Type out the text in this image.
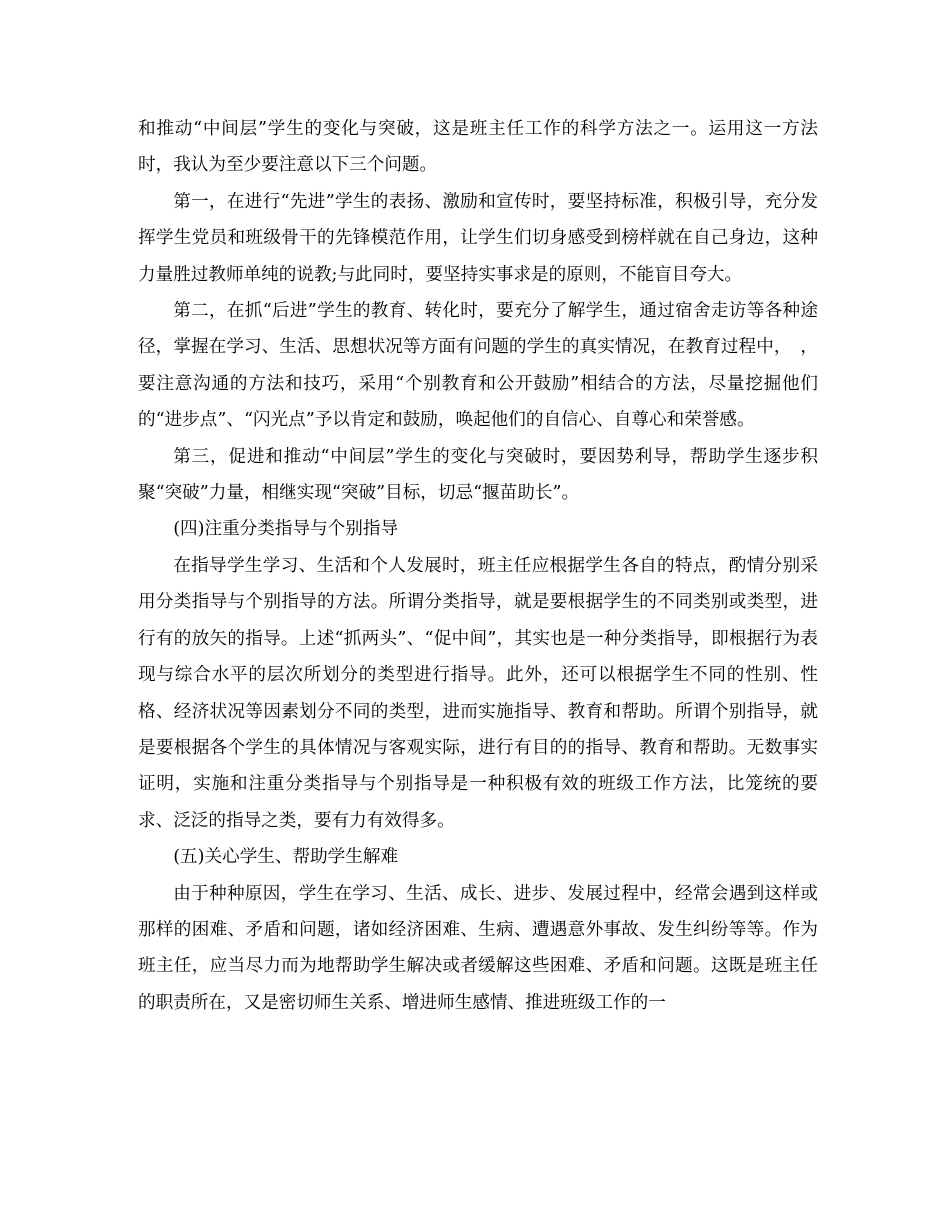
和推动“中间层”学生的变化与突破，这是班主任工作的科学方法之一。运用这一方法时，我认为至少要注意以下三个问题。

第一，在进行“先进”学生的表扬、激励和宣传时，要坚持标准，积极引导，充分发挥学生党员和班级骨干的先锋模范作用，让学生们切身感受到榜样就在自己身边，这种力量胜过教师单纯的说教;与此同时，要坚持实事求是的原则，不能盲目夸大。

第二，在抓“后进”学生的教育、转化时，要充分了解学生，通过宿舍走访等各种途径，掌握在学习、生活、思想状况等方面有问题的学生的真实情况，在教育过程中，　，要注意沟通的方法和技巧，采用“个别教育和公开鼓励”相结合的方法，尽量挖掘他们的“进步点”、“闪光点”予以肯定和鼓励，唤起他们的自信心、自尊心和荣誉感。

第三，促进和推动“中间层”学生的变化与突破时，要因势利导，帮助学生逐步积聚“突破”力量，相继实现“突破”目标，切忌“揠苗助长”。

(四)注重分类指导与个别指导

在指导学生学习、生活和个人发展时，班主任应根据学生各自的特点，酌情分别采用分类指导与个别指导的方法。所谓分类指导，就是要根据学生的不同类别或类型，进行有的放矢的指导。上述“抓两头”、“促中间”，其实也是一种分类指导，即根据行为表现与综合水平的层次所划分的类型进行指导。此外，还可以根据学生不同的性别、性格、经济状况等因素划分不同的类型，进而实施指导、教育和帮助。所谓个别指导，就是要根据各个学生的具体情况与客观实际，进行有目的的指导、教育和帮助。无数事实证明，实施和注重分类指导与个别指导是一种积极有效的班级工作方法，比笼统的要求、泛泛的指导之类，要有力有效得多。

(五)关心学生、帮助学生解难

由于种种原因，学生在学习、生活、成长、进步、发展过程中，经常会遇到这样或那样的困难、矛盾和问题，诸如经济困难、生病、遭遇意外事故、发生纠纷等等。作为班主任，应当尽力而为地帮助学生解决或者缓解这些困难、矛盾和问题。这既是班主任的职责所在，又是密切师生关系、增进师生感情、推进班级工作的一
